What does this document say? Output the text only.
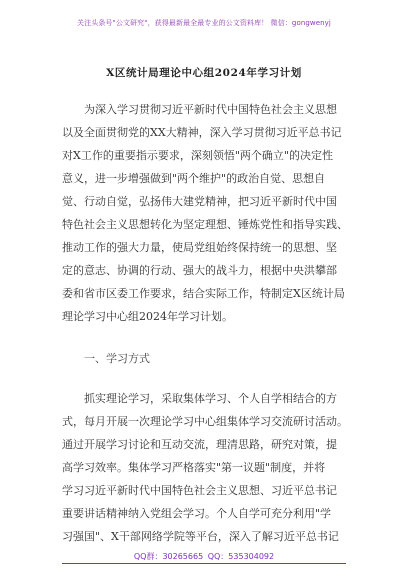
关注头条号"公文研究"，获得最新最全最专业的公文资料库！ 微信：gongwenyj
X区统计局理论中心组2024年学习计划
为深入学习贯彻习近平新时代中国特色社会主义思想
以及全面贯彻党的XX大精神，深入学习贯彻习近平总书记
对X工作的重要指示要求，深刻领悟"两个确立"的决定性
意义，进一步增强做到"两个维护"的政治自觉、思想自
觉、行动自觉，弘扬伟大建党精神，把习近平新时代中国
特色社会主义思想转化为坚定理想、锤炼党性和指导实践、
推动工作的强大力量，使局党组始终保持统一的思想、坚
定的意志、协调的行动、强大的战斗力，根据中央洪攀部
委和省市区委工作要求，结合实际工作，特制定X区统计局
理论学习中心组2024年学习计划。
一、学习方式
抓实理论学习，采取集体学习、个人自学相结合的方
式，每月开展一次理论学习中心组集体学习交流研讨活动。
通过开展学习讨论和互动交流，理清思路，研究对策，提
高学习效率。集体学习严格落实"第一议题"制度，并将
学习习近平新时代中国特色社会主义思想、习近平总书记
重要讲话精神纳入党组会学习。个人自学可充分利用"学
习强国"、X干部网络学院等平台，深入了解习近平总书记
QQ群：30265665 QQ：535304092
